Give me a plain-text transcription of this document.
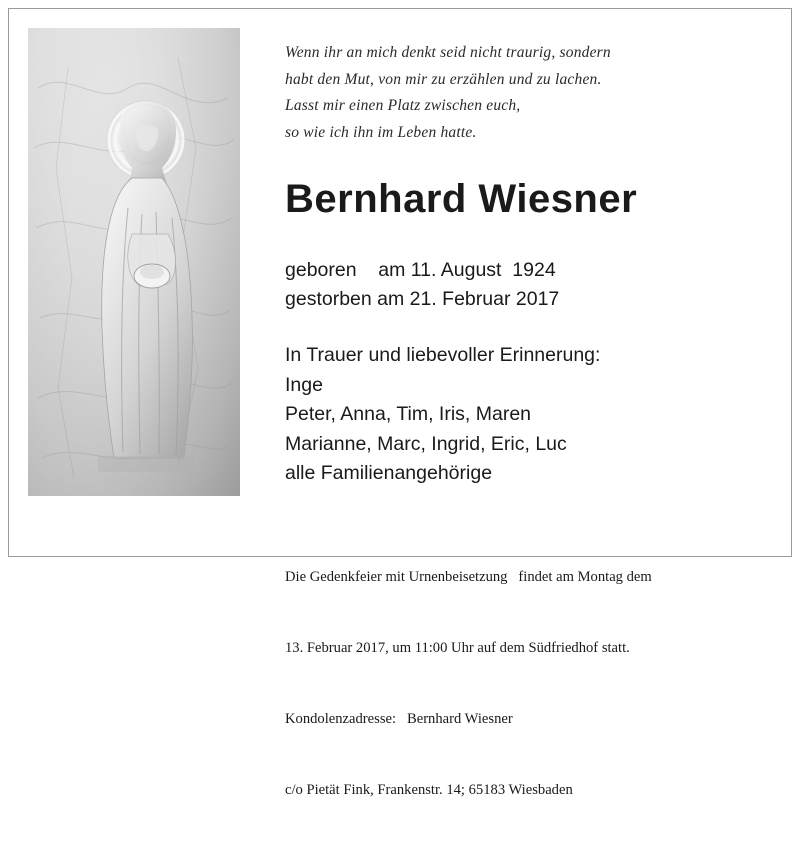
Wenn ihr an mich denkt seid nicht traurig, sondern
habt den Mut, von mir zu erzählen und zu lachen.
Lasst mir einen Platz zwischen euch,
so wie ich ihn im Leben hatte.
Bernhard Wiesner
geboren    am 11. August  1924
gestorben am 21. Februar 2017
In Trauer und liebevoller Erinnerung:
Inge
Peter, Anna, Tim, Iris, Maren
Marianne, Marc, Ingrid, Eric, Luc
alle Familienangehörige

Die Gedenkfeier mit Urnenbeisetzung   findet am Montag dem

13. Februar 2017, um 11:00 Uhr auf dem Südfriedhof statt.

Kondolenzadresse:   Bernhard Wiesner

c/o Pietät Fink, Frankenstr. 14; 65183 Wiesbaden
